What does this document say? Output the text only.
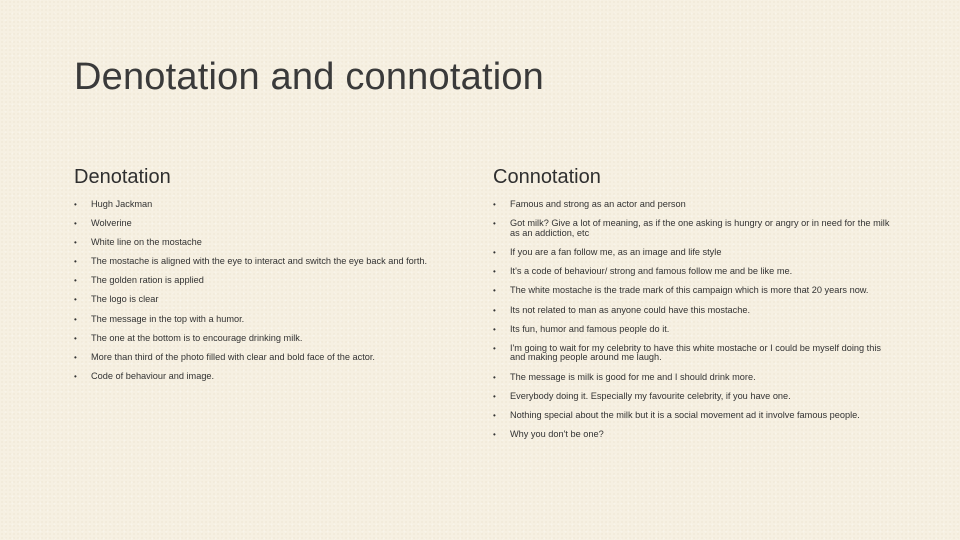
Denotation and connotation
Denotation
• Hugh Jackman
• Wolverine
• White line on the mostache
• The mostache is aligned with the eye to interact and switch the eye back and forth.
• The golden ration is applied
• The logo is clear
• The message in the top with a humor.
• The one at the bottom is to encourage drinking milk.
• More than third of the photo filled with clear and bold face of the actor.
• Code of behaviour and image.
Connotation
• Famous and strong as an actor and person
• Got milk? Give a lot of meaning, as if the one asking is hungry or angry or in need for the milk as an addiction, etc
• If you are a fan follow me, as an image and life style
• It's a code of behaviour/ strong and famous follow me and be like me.
• The white mostache is the trade mark of this campaign which is more that 20 years now.
• Its not related to man as anyone could have this mostache.
• Its fun, humor and famous people do it.
• I'm going to wait for my celebrity to have this white mostache or I could be myself doing this and making people around me laugh.
• The message is milk is good for me and I should drink more.
• Everybody doing it. Especially my favourite celebrity, if you have one.
• Nothing special about the milk but it is a social movement ad it involve famous people.
• Why you don't be one?
